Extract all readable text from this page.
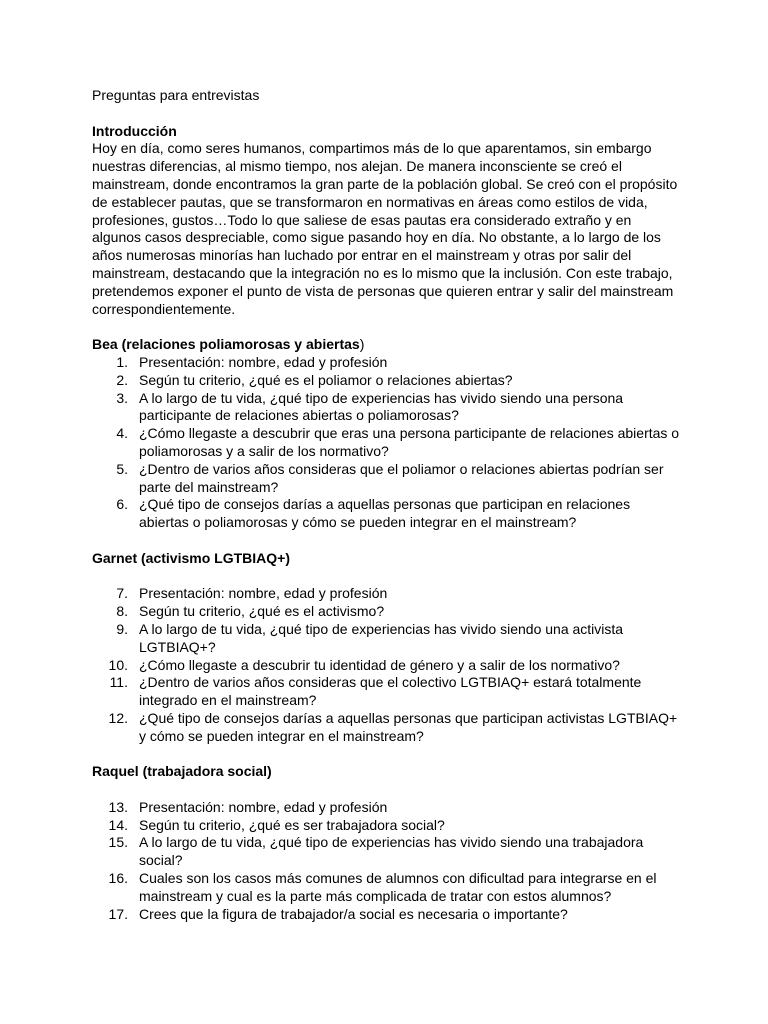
Preguntas para entrevistas
Introducción
Hoy en día, como seres humanos, compartimos más de lo que aparentamos, sin embargo nuestras diferencias, al mismo tiempo, nos alejan. De manera inconsciente se creó el mainstream, donde encontramos la gran parte de la población global. Se creó con el propósito de establecer pautas, que se transformaron en normativas en áreas como estilos de vida, profesiones, gustos…Todo lo que saliese de esas pautas era considerado extraño y en algunos casos despreciable, como sigue pasando hoy en día. No obstante, a lo largo de los años numerosas minorías han luchado por entrar en el mainstream y otras por salir del mainstream, destacando que la integración no es lo mismo que la inclusión. Con este trabajo, pretendemos exponer el punto de vista de personas que quieren entrar y salir del mainstream correspondientemente.
Bea (relaciones poliamorosas y abiertas)
1. Presentación: nombre, edad y profesión
2. Según tu criterio, ¿qué es el poliamor o relaciones abiertas?
3. A lo largo de tu vida, ¿qué tipo de experiencias has vivido siendo una persona participante de relaciones abiertas o poliamorosas?
4. ¿Cómo llegaste a descubrir que eras una persona participante de relaciones abiertas o poliamorosas y a salir de los normativo?
5. ¿Dentro de varios años consideras que el poliamor o relaciones abiertas podrían ser parte del mainstream?
6. ¿Qué tipo de consejos darías a aquellas personas que participan en relaciones abiertas o poliamorosas y cómo se pueden integrar en el mainstream?
Garnet (activismo LGTBIAQ+)
7. Presentación: nombre, edad y profesión
8. Según tu criterio, ¿qué es el activismo?
9. A lo largo de tu vida, ¿qué tipo de experiencias has vivido siendo una activista LGTBIAQ+?
10. ¿Cómo llegaste a descubrir tu identidad de género y a salir de los normativo?
11. ¿Dentro de varios años consideras que el colectivo LGTBIAQ+ estará totalmente integrado en el mainstream?
12. ¿Qué tipo de consejos darías a aquellas personas que participan activistas LGTBIAQ+ y cómo se pueden integrar en el mainstream?
Raquel (trabajadora social)
13. Presentación: nombre, edad y profesión
14. Según tu criterio, ¿qué es ser trabajadora social?
15. A lo largo de tu vida, ¿qué tipo de experiencias has vivido siendo una trabajadora social?
16. Cuales son los casos más comunes de alumnos con dificultad para integrarse en el mainstream y cual es la parte más complicada de tratar con estos alumnos?
17. Crees que la figura de trabajador/a social es necesaria o importante?
